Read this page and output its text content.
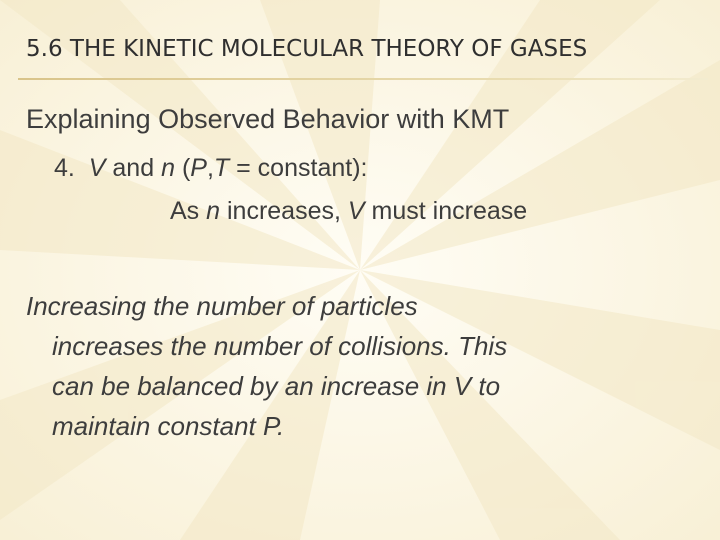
5.6 THE KINETIC MOLECULAR THEORY OF GASES
Explaining Observed Behavior with KMT
4. V and n (P,T = constant):
As n increases, V must increase
Increasing the number of particles
increases the number of collisions. This
can be balanced by an increase in V to
maintain constant P.
